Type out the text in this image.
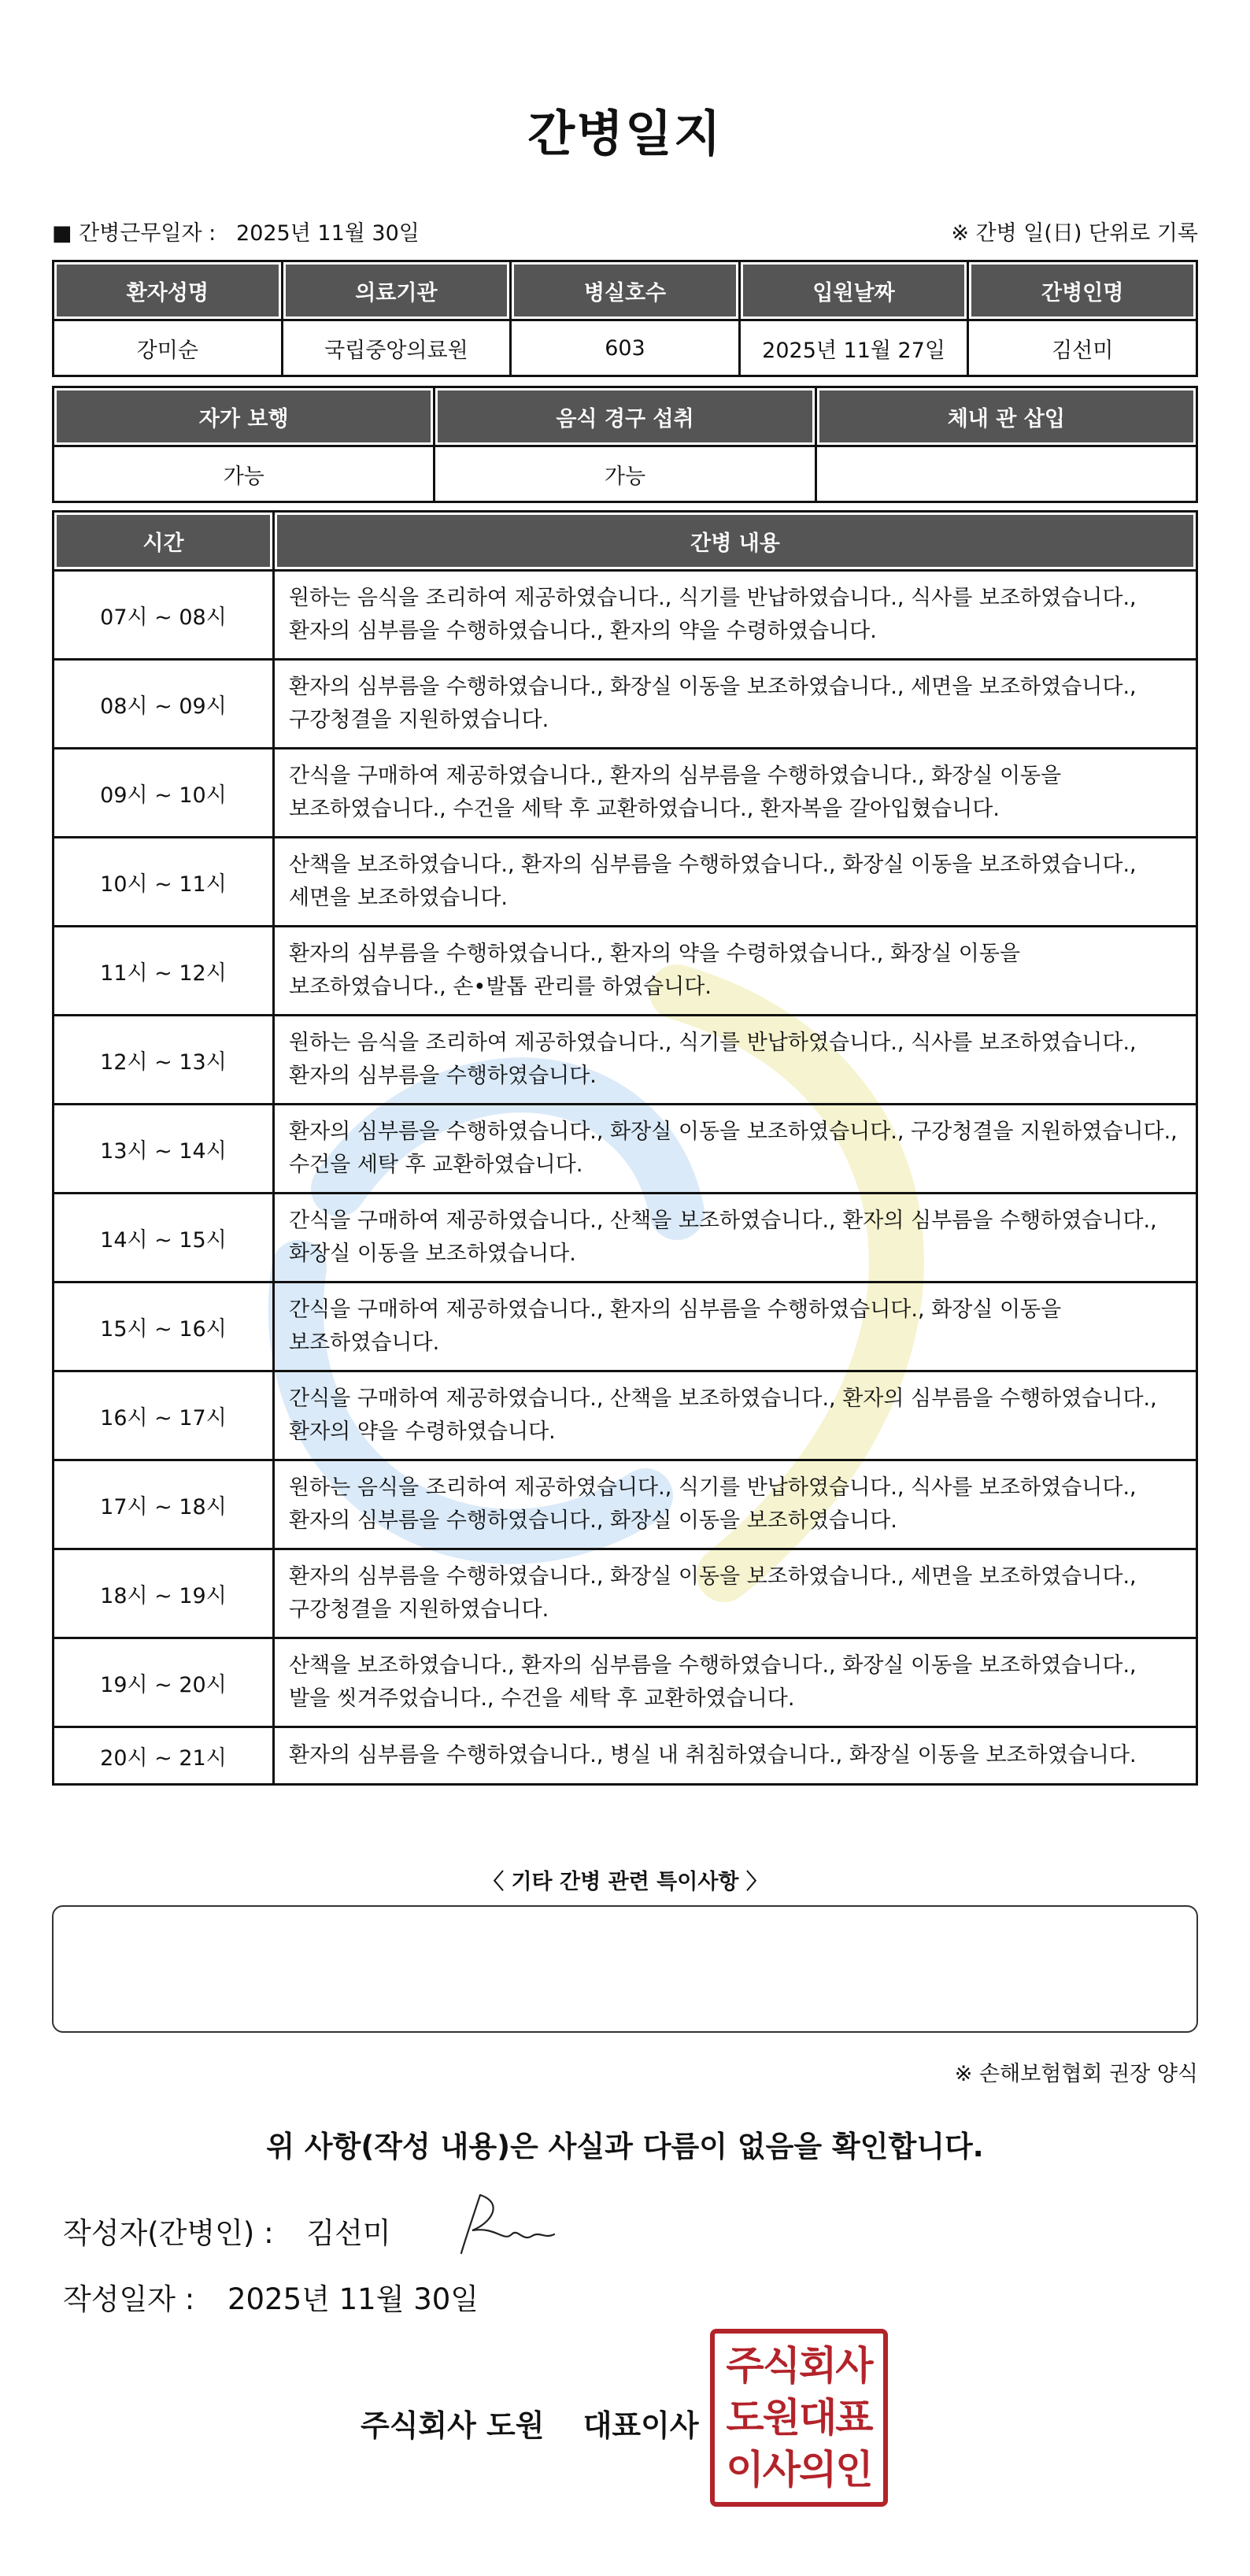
간병일지
■ 간병근무일자 : 2025년 11월 30일	※ 간병 일(日) 단위로 기록
환자성명	의료기관	병실호수	입원날짜	간병인명
강미순	국립중앙의료원	603	2025년 11월 27일	김선미
자가 보행	음식 경구 섭취	체내 관 삽입
가능	가능	
시간	간병 내용
07시 ~ 08시	원하는 음식을 조리하여 제공하였습니다., 식기를 반납하였습니다., 식사를 보조하였습니다., 환자의 심부름을 수행하였습니다., 환자의 약을 수령하였습니다.
08시 ~ 09시	환자의 심부름을 수행하였습니다., 화장실 이동을 보조하였습니다., 세면을 보조하였습니다., 구강청결을 지원하였습니다.
09시 ~ 10시	간식을 구매하여 제공하였습니다., 환자의 심부름을 수행하였습니다., 화장실 이동을 보조하였습니다., 수건을 세탁 후 교환하였습니다., 환자복을 갈아입혔습니다.
10시 ~ 11시	산책을 보조하였습니다., 환자의 심부름을 수행하였습니다., 화장실 이동을 보조하였습니다., 세면을 보조하였습니다.
11시 ~ 12시	환자의 심부름을 수행하였습니다., 환자의 약을 수령하였습니다., 화장실 이동을 보조하였습니다., 손•발톱 관리를 하였습니다.
12시 ~ 13시	원하는 음식을 조리하여 제공하였습니다., 식기를 반납하였습니다., 식사를 보조하였습니다., 환자의 심부름을 수행하였습니다.
13시 ~ 14시	환자의 심부름을 수행하였습니다., 화장실 이동을 보조하였습니다., 구강청결을 지원하였습니다., 수건을 세탁 후 교환하였습니다.
14시 ~ 15시	간식을 구매하여 제공하였습니다., 산책을 보조하였습니다., 환자의 심부름을 수행하였습니다., 화장실 이동을 보조하였습니다.
15시 ~ 16시	간식을 구매하여 제공하였습니다., 환자의 심부름을 수행하였습니다., 화장실 이동을 보조하였습니다.
16시 ~ 17시	간식을 구매하여 제공하였습니다., 산책을 보조하였습니다., 환자의 심부름을 수행하였습니다., 환자의 약을 수령하였습니다.
17시 ~ 18시	원하는 음식을 조리하여 제공하였습니다., 식기를 반납하였습니다., 식사를 보조하였습니다., 환자의 심부름을 수행하였습니다., 화장실 이동을 보조하였습니다.
18시 ~ 19시	환자의 심부름을 수행하였습니다., 화장실 이동을 보조하였습니다., 세면을 보조하였습니다., 구강청결을 지원하였습니다.
19시 ~ 20시	산책을 보조하였습니다., 환자의 심부름을 수행하였습니다., 화장실 이동을 보조하였습니다., 발을 씻겨주었습니다., 수건을 세탁 후 교환하였습니다.
20시 ~ 21시	환자의 심부름을 수행하였습니다., 병실 내 취침하였습니다., 화장실 이동을 보조하였습니다.
〈 기타 간병 관련 특이사항 〉
※ 손해보험협회 권장 양식
위 사항(작성 내용)은 사실과 다름이 없음을 확인합니다.
작성자(간병인) : 김선미
작성일자 : 2025년 11월 30일
주식회사 도원 대표이사
주식회사
도원대표
이사의인
